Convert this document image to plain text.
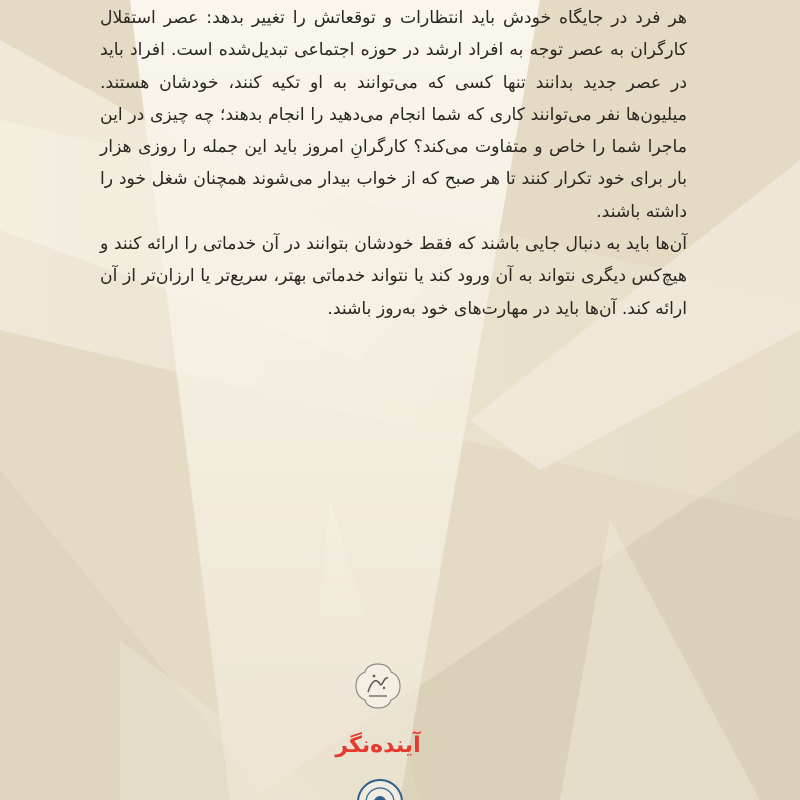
هر فرد در جایگاه خودش باید انتظارات و توقعاتش را تغییر بدهد: عصر استقلال کارگران به عصر توجه به افراد ارشد در حوزه اجتماعی تبدیل‌شده است. افراد باید در عصر جدید بدانند تنها کسی که می‌توانند به او تکیه کنند، خودشان هستند. میلیون‌ها نفر می‌توانند کاری که شما انجام می‌دهید را انجام بدهند؛ چه چیزی در این ماجرا شما را خاص و متفاوت می‌کند؟ کارگرانِ امروز باید این جمله را روزی هزار بار برای خود تکرار کنند تا هر صبح که از خواب بیدار می‌شوند همچنان شغل خود را داشته باشند.

آن‌ها باید به دنبال جایی باشند که فقط خودشان بتوانند در آن خدماتی را ارائه کنند و هیچ‌کس دیگری نتواند به آن ورود کند یا نتواند خدماتی بهتر، سریع‌تر یا ارزان‌تر از آن ارائه کند. آن‌ها باید در مهارت‌های خود به‌روز باشند.

آینده‌نگر
